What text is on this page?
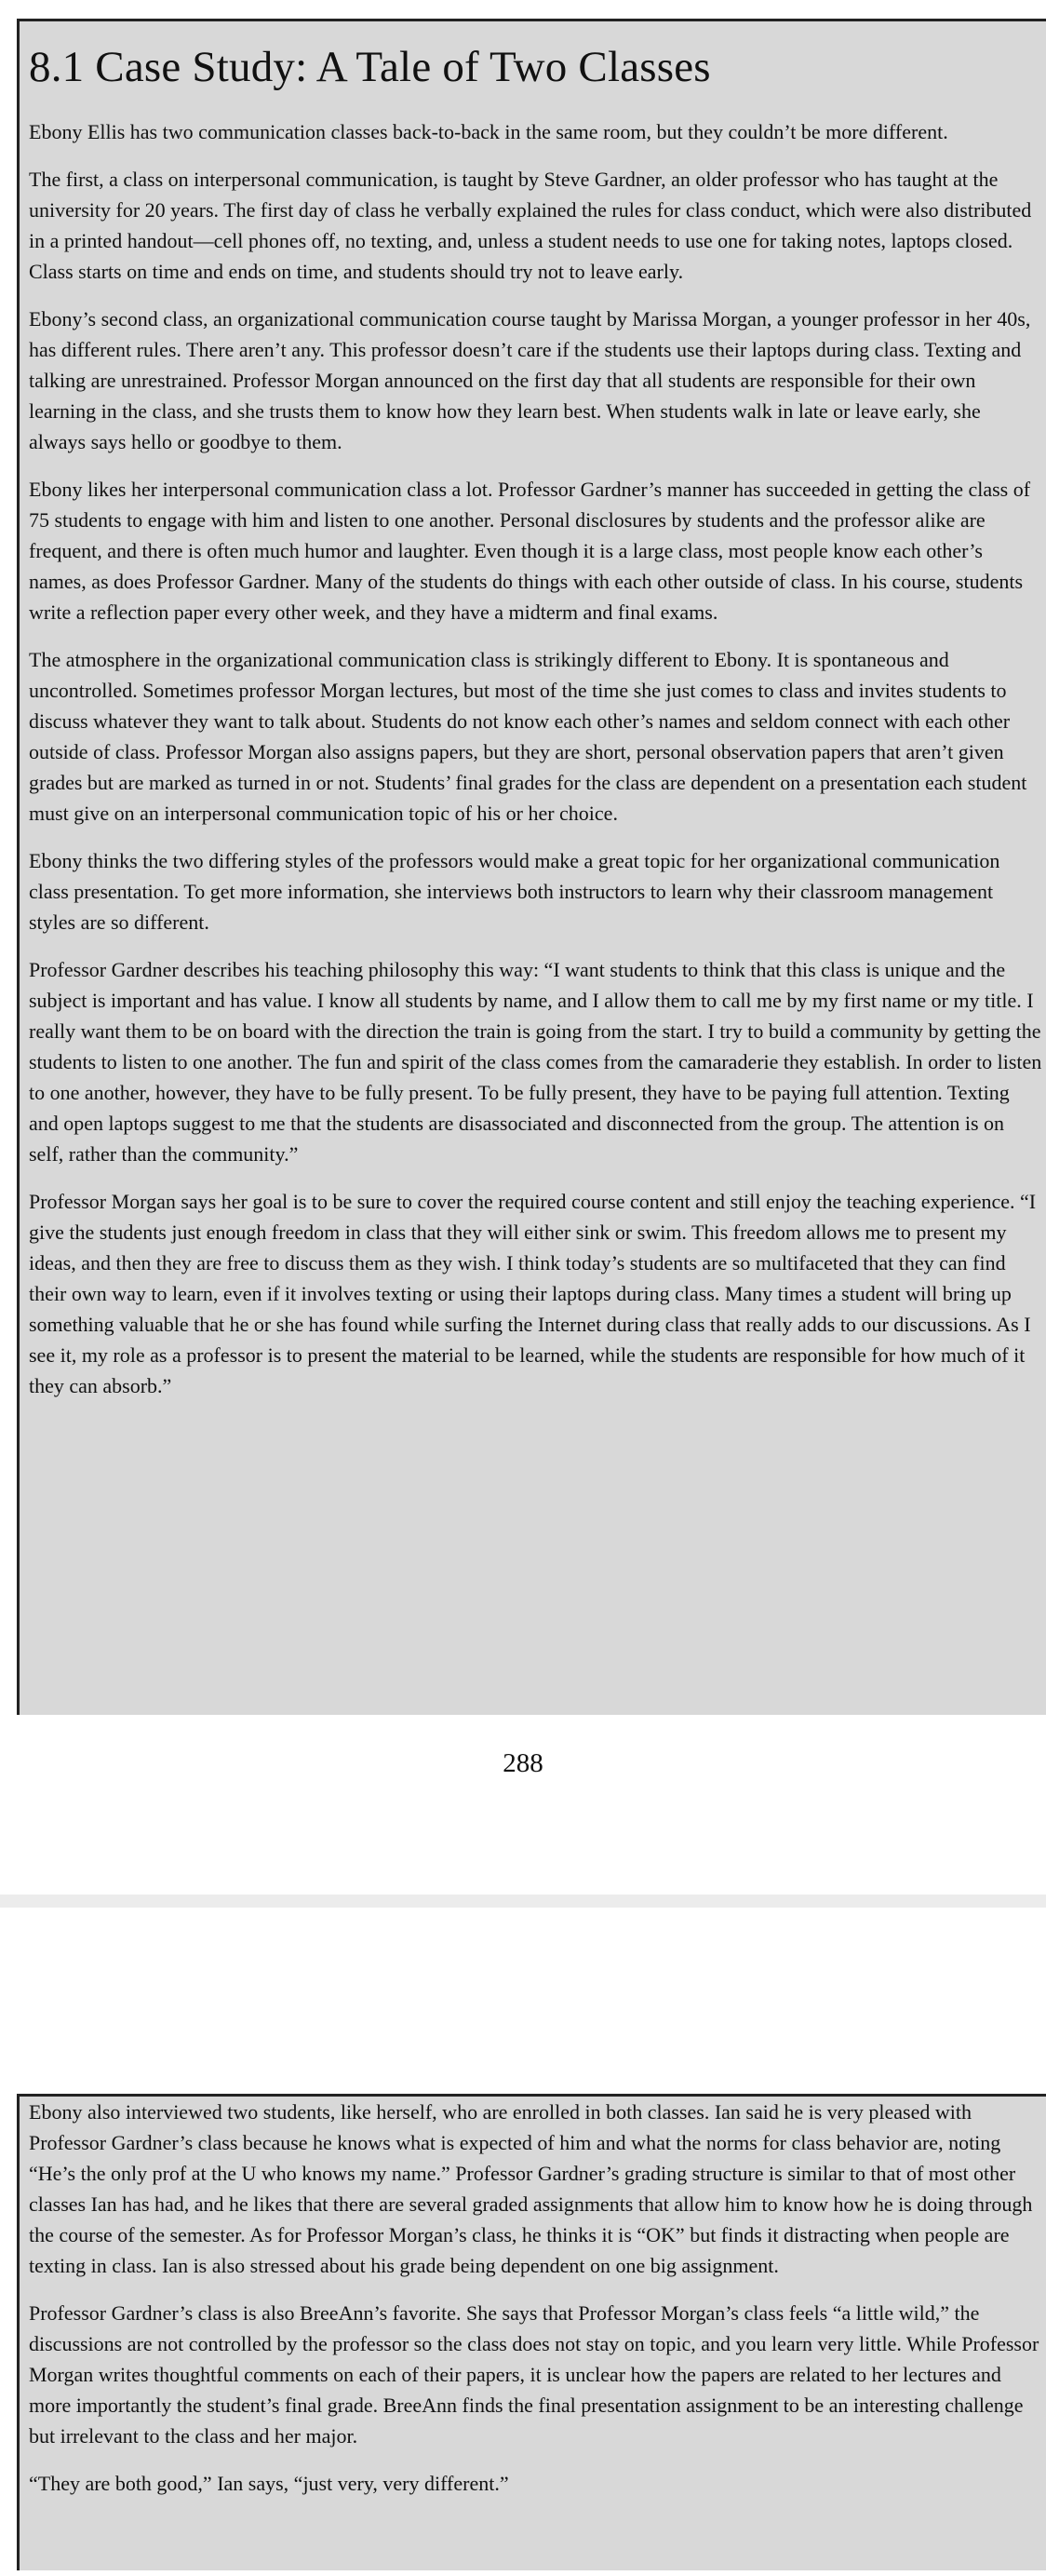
8.1 Case Study: A Tale of Two Classes

Ebony Ellis has two communication classes back-to-back in the same room, but they couldn’t be more different.

The first, a class on interpersonal communication, is taught by Steve Gardner, an older professor who has taught at the university for 20 years. The first day of class he verbally explained the rules for class conduct, which were also distributed in a printed handout—cell phones off, no texting, and, unless a student needs to use one for taking notes, laptops closed. Class starts on time and ends on time, and students should try not to leave early.

Ebony’s second class, an organizational communication course taught by Marissa Morgan, a younger professor in her 40s, has different rules. There aren’t any. This professor doesn’t care if the students use their laptops during class. Texting and talking are unrestrained. Professor Morgan announced on the first day that all students are responsible for their own learning in the class, and she trusts them to know how they learn best. When students walk in late or leave early, she always says hello or goodbye to them.

Ebony likes her interpersonal communication class a lot. Professor Gardner’s manner has succeeded in getting the class of 75 students to engage with him and listen to one another. Personal disclosures by students and the professor alike are frequent, and there is often much humor and laughter. Even though it is a large class, most people know each other’s names, as does Professor Gardner. Many of the students do things with each other outside of class. In his course, students write a reflection paper every other week, and they have a midterm and final exams.

The atmosphere in the organizational communication class is strikingly different to Ebony. It is spontaneous and uncontrolled. Sometimes professor Morgan lectures, but most of the time she just comes to class and invites students to discuss whatever they want to talk about. Students do not know each other’s names and seldom connect with each other outside of class. Professor Morgan also assigns papers, but they are short, personal observation papers that aren’t given grades but are marked as turned in or not. Students’ final grades for the class are dependent on a presentation each student must give on an interpersonal communication topic of his or her choice.

Ebony thinks the two differing styles of the professors would make a great topic for her organizational communication class presentation. To get more information, she interviews both instructors to learn why their classroom management styles are so different.

Professor Gardner describes his teaching philosophy this way: “I want students to think that this class is unique and the subject is important and has value. I know all students by name, and I allow them to call me by my first name or my title. I really want them to be on board with the direction the train is going from the start. I try to build a community by getting the students to listen to one another. The fun and spirit of the class comes from the camaraderie they establish. In order to listen to one another, however, they have to be fully present. To be fully present, they have to be paying full attention. Texting and open laptops suggest to me that the students are disassociated and disconnected from the group. The attention is on self, rather than the community.”

Professor Morgan says her goal is to be sure to cover the required course content and still enjoy the teaching experience. “I give the students just enough freedom in class that they will either sink or swim. This freedom allows me to present my ideas, and then they are free to discuss them as they wish. I think today’s students are so multifaceted that they can find their own way to learn, even if it involves texting or using their laptops during class. Many times a student will bring up something valuable that he or she has found while surfing the Internet during class that really adds to our discussions. As I see it, my role as a professor is to present the material to be learned, while the students are responsible for how much of it they can absorb.”

288

Ebony also interviewed two students, like herself, who are enrolled in both classes. Ian said he is very pleased with Professor Gardner’s class because he knows what is expected of him and what the norms for class behavior are, noting “He’s the only prof at the U who knows my name.” Professor Gardner’s grading structure is similar to that of most other classes Ian has had, and he likes that there are several graded assignments that allow him to know how he is doing through the course of the semester. As for Professor Morgan’s class, he thinks it is “OK” but finds it distracting when people are texting in class. Ian is also stressed about his grade being dependent on one big assignment.

Professor Gardner’s class is also BreeAnn’s favorite. She says that Professor Morgan’s class feels “a little wild,” the discussions are not controlled by the professor so the class does not stay on topic, and you learn very little. While Professor Morgan writes thoughtful comments on each of their papers, it is unclear how the papers are related to her lectures and more importantly the student’s final grade. BreeAnn finds the final presentation assignment to be an interesting challenge but irrelevant to the class and her major.

“They are both good,” Ian says, “just very, very different.”
